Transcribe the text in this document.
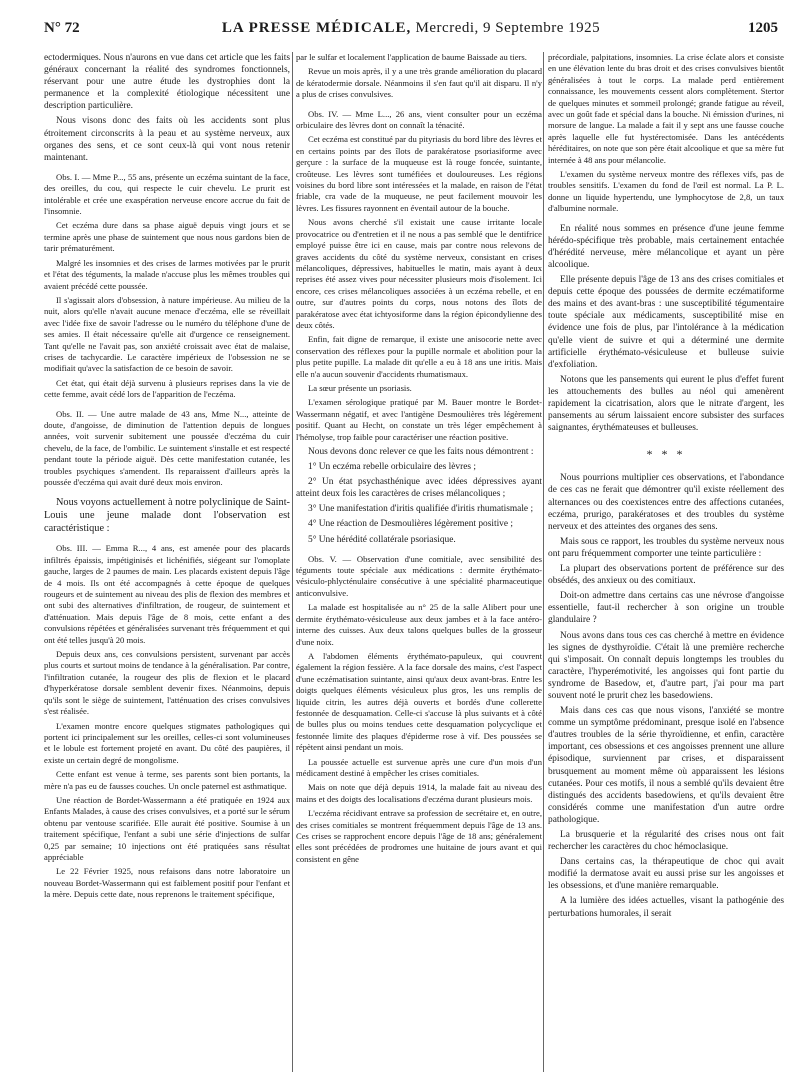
N° 72	LA PRESSE MÉDICALE, Mercredi, 9 Septembre 1925	1205

ectodermiques. Nous n'aurons en vue dans cet article que les faits généraux concernant la réalité des syndromes fonctionnels, réservant pour une autre étude les dystrophies dont la permanence et la complexité étiologique nécessitent une description particulière.

Nous visons donc des faits où les accidents sont plus étroitement circonscrits à la peau et au système nerveux, aux organes des sens, et ce sont ceux-là qui vont nous retenir maintenant.

Obs. I. — Mme P..., 55 ans, présente un eczéma suintant de la face, des oreilles, du cou, qui respecte le cuir chevelu. Le prurit est intolérable et crée une exaspération nerveuse encore accrue du fait de l'insomnie.

Cet eczéma dure dans sa phase aiguë depuis vingt jours et se termine après une phase de suintement que nous nous gardons bien de tarir prématurément.

Malgré les insomnies et des crises de larmes motivées par le prurit et l'état des téguments, la malade n'accuse plus les mêmes troubles qui avaient précédé cette poussée.

Il s'agissait alors d'obsession, à nature impérieuse. Au milieu de la nuit, alors qu'elle n'avait aucune menace d'eczéma, elle se réveillait avec l'idée fixe de savoir l'adresse ou le numéro du téléphone d'une de ses amies. Il était nécessaire qu'elle ait d'urgence ce renseignement. Tant qu'elle ne l'avait pas, son anxiété croissait avec état de malaise, crises de tachycardie. Le caractère impérieux de l'obsession ne se modifiait qu'avec la satisfaction de ce besoin de savoir.

Cet état, qui était déjà survenu à plusieurs reprises dans la vie de cette femme, avait cédé lors de l'apparition de l'eczéma.

Obs. II. — Une autre malade de 43 ans, Mme N..., atteinte de doute, d'angoisse, de diminution de l'attention depuis de longues années, voit survenir subitement une poussée d'eczéma du cuir chevelu, de la face, de l'ombilic. Le suintement s'installe et est respecté pendant toute la période aiguë. Dès cette manifestation cutanée, les troubles psychiques s'amendent. Ils reparaissent d'ailleurs après la poussée d'eczéma qui avait duré deux mois environ.

Nous voyons actuellement à notre polyclinique de Saint-Louis une jeune malade dont l'observation est caractéristique :

Obs. III. — Emma R..., 4 ans, est amenée pour des placards infiltrés épaissis, impétiginisés et lichénifiés, siégeant sur l'omoplate gauche, larges de 2 paumes de main. Les placards existent depuis l'âge de 4 mois. Ils ont été accompagnés à cette époque de quelques rougeurs et de suintement au niveau des plis de flexion des membres et ont subi des alternatives d'infiltration, de rougeur, de suintement et d'atténuation. Mais depuis l'âge de 8 mois, cette enfant a des convulsions répétées et généralisées survenant très fréquemment et qui ont été telles jusqu'à 20 mois.

Depuis deux ans, ces convulsions persistent, survenant par accès plus courts et surtout moins de tendance à la généralisation. Par contre, l'infiltration cutanée, la rougeur des plis de flexion et le placard d'hyperkératose dorsale semblent devenir fixes. Néanmoins, depuis qu'ils sont le siège de suintement, l'atténuation des crises convulsives s'est réalisée.

L'examen montre encore quelques stigmates pathologiques qui portent ici principalement sur les oreilles, celles-ci sont volumineuses et le lobule est fortement projeté en avant. Du côté des paupières, il existe un certain degré de mongolisme.

Cette enfant est venue à terme, ses parents sont bien portants, la mère n'a pas eu de fausses couches. Un oncle paternel est asthmatique.

Une réaction de Bordet-Wassermann a été pratiquée en 1924 aux Enfants Malades, à cause des crises convulsives, et a porté sur le sérum obtenu par ventouse scarifiée. Elle aurait été positive. Soumise à un traitement spécifique, l'enfant a subi une série d'injections de sulfar 0,25 par semaine; 10 injections ont été pratiquées sans résultat appréciable

Le 22 Février 1925, nous refaisons dans notre laboratoire un nouveau Bordet-Wassermann qui est faiblement positif pour l'enfant et la mère. Depuis cette date, nous reprenons le traitement spécifique,

par le sulfar et localement l'application de baume Baissade au tiers.

Revue un mois après, il y a une très grande amélioration du placard de kératodermie dorsale. Néanmoins il s'en faut qu'il ait disparu. Il n'y a plus de crises convulsives.

Obs. IV. — Mme L..., 26 ans, vient consulter pour un eczéma orbiculaire des lèvres dont on connaît la ténacité.

Cet eczéma est constitué par du pityriasis du bord libre des lèvres et en certains points par des îlots de parakératose psoriasiforme avec gerçure : la surface de la muqueuse est là rouge foncée, suintante, croûteuse. Les lèvres sont tuméfiées et douloureuses. Les régions voisines du bord libre sont intéressées et la malade, en raison de l'état friable, cra vade de la muqueuse, ne peut facilement mouvoir les lèvres. Les fissures rayonnent en éventail autour de la bouche.

Nous avons cherché s'il existait une cause irritante locale provocatrice ou d'entretien et il ne nous a pas semblé que le dentifrice employé puisse être ici en cause, mais par contre nous relevons de graves accidents du côté du système nerveux, consistant en crises mélancoliques, dépressives, habituelles le matin, mais ayant à deux reprises été assez vives pour nécessiter plusieurs mois d'isolement. Ici encore, ces crises mélancoliques associées à un eczéma rebelle, et en outre, sur d'autres points du corps, nous notons des îlots de parakératose avec état ichtyosiforme dans la région épicondylienne des deux côtés.

Enfin, fait digne de remarque, il existe une anisocorie nette avec conservation des réflexes pour la pupille normale et abolition pour la plus petite pupille. La malade dit qu'elle a eu à 18 ans une iritis. Mais elle n'a aucun souvenir d'accidents rhumatismaux.

La sœur présente un psoriasis.

L'examen sérologique pratiqué par M. Bauer montre le Bordet-Wassermann négatif, et avec l'antigène Desmoulières très légèrement positif. Quant au Hecht, on constate un très léger empêchement à l'hémolyse, trop faible pour caractériser une réaction positive.

Nous devons donc relever ce que les faits nous démontrent :

1° Un eczéma rebelle orbiculaire des lèvres ;

2° Un état psychasthénique avec idées dépressives ayant atteint deux fois les caractères de crises mélancoliques ;

3° Une manifestation d'iritis qualifiée d'iritis rhumatismale ;

4° Une réaction de Desmoulières légèrement positive ;

5° Une hérédité collatérale psoriasique.

Obs. V. — Observation d'une comitiale, avec sensibilité des téguments toute spéciale aux médications : dermite érythémato-vésiculo-phlycténulaire consécutive à une spécialité pharmaceutique anticonvulsive.

La malade est hospitalisée au n° 25 de la salle Alibert pour une dermite érythémato-vésiculeuse aux deux jambes et à la face antéro-interne des cuisses. Aux deux talons quelques bulles de la grosseur d'une noix.

A l'abdomen éléments érythémato-papuleux, qui couvrent également la région fessière. A la face dorsale des mains, c'est l'aspect d'une eczématisation suintante, ainsi qu'aux deux avant-bras. Entre les doigts quelques éléments vésiculeux plus gros, les uns remplis de liquide citrin, les autres déjà ouverts et bordés d'une collerette festonnée de desquamation. Celle-ci s'accuse là plus suivants et à côté de bulles plus ou moins tendues cette desquamation polycyclique et festonnée limite des plaques d'épiderme rose à vif. Des poussées se répètent ainsi pendant un mois.

La poussée actuelle est survenue après une cure d'un mois d'un médicament destiné à empêcher les crises comitiales.

Mais on note que déjà depuis 1914, la malade fait au niveau des mains et des doigts des localisations d'eczéma durant plusieurs mois.

L'eczéma récidivant entrave sa profession de secrétaire et, en outre, des crises comitiales se montrent fréquemment depuis l'âge de 13 ans. Ces crises se rapprochent encore depuis l'âge de 18 ans; généralement elles sont précédées de prodromes une huitaine de jours avant et qui consistent en gêne

précordiale, palpitations, insomnies. La crise éclate alors et consiste en une élévation lente du bras droit et des crises convulsives bientôt généralisées à tout le corps. La malade perd entièrement connaissance, les mouvements cessent alors complètement. Stertor de quelques minutes et sommeil prolongé; grande fatigue au réveil, avec un goût fade et spécial dans la bouche. Ni émission d'urines, ni morsure de langue. La malade a fait il y sept ans une fausse couche après laquelle elle fut hystérectomisée. Dans les antécédents héréditaires, on note que son père était alcoolique et que sa mère fut internée à 48 ans pour mélancolie.

L'examen du système nerveux montre des réflexes vifs, pas de troubles sensitifs. L'examen du fond de l'œil est normal. La P. L. donne un liquide hypertendu, une lymphocytose de 2,8, un taux d'albumine normale.

En réalité nous sommes en présence d'une jeune femme hérédo-spécifique très probable, mais certainement entachée d'hérédité nerveuse, mère mélancolique et ayant un père alcoolique.

Elle présente depuis l'âge de 13 ans des crises comitiales et depuis cette époque des poussées de dermite eczématiforme des mains et des avant-bras : une susceptibilité tégumentaire toute spéciale aux médicaments, susceptibilité mise en évidence une fois de plus, par l'intolérance à la médication qu'elle vient de suivre et qui a déterminé une dermite artificielle érythémato-vésiculeuse et bulleuse suivie d'exfoliation.

Notons que les pansements qui eurent le plus d'effet furent les attouchements des bulles au néol qui amenèrent rapidement la cicatrisation, alors que le nitrate d'argent, les pansements au sérum laissaient encore subsister des surfaces saignantes, érythémateuses et bulleuses.

* * *

Nous pourrions multiplier ces observations, et l'abondance de ces cas ne ferait que démontrer qu'il existe réellement des alternances ou des coexistences entre des affections cutanées, eczéma, prurigo, parakératoses et des troubles du système nerveux et des atteintes des organes des sens.

Mais sous ce rapport, les troubles du système nerveux nous ont paru fréquemment comporter une teinte particulière :

La plupart des observations portent de préférence sur des obsédés, des anxieux ou des comitiaux.

Doit-on admettre dans certains cas une névrose d'angoisse essentielle, faut-il rechercher à son origine un trouble glandulaire ?

Nous avons dans tous ces cas cherché à mettre en évidence les signes de dysthyroïdie. C'était là une première recherche qui s'imposait. On connaît depuis longtemps les troubles du caractère, l'hyperémotivité, les angoisses qui font partie du syndrome de Basedow, et, d'autre part, j'ai pour ma part souvent noté le prurit chez les basedowiens.

Mais dans ces cas que nous visons, l'anxiété se montre comme un symptôme prédominant, presque isolé en l'absence d'autres troubles de la série thyroïdienne, et enfin, caractère important, ces obsessions et ces angoisses prennent une allure épisodique, surviennent par crises, et disparaissent brusquement au moment même où apparaissent les lésions cutanées. Pour ces motifs, il nous a semblé qu'ils devaient être distingués des accidents basedowiens, et qu'ils devaient être considérés comme une manifestation d'un autre ordre pathologique.

La brusquerie et la régularité des crises nous ont fait rechercher les caractères du choc hémoclasique.

Dans certains cas, la thérapeutique de choc qui avait modifié la dermatose avait eu aussi prise sur les angoisses et les obsessions, et d'une manière remarquable.

A la lumière des idées actuelles, visant la pathogénie des perturbations humorales, il serait
